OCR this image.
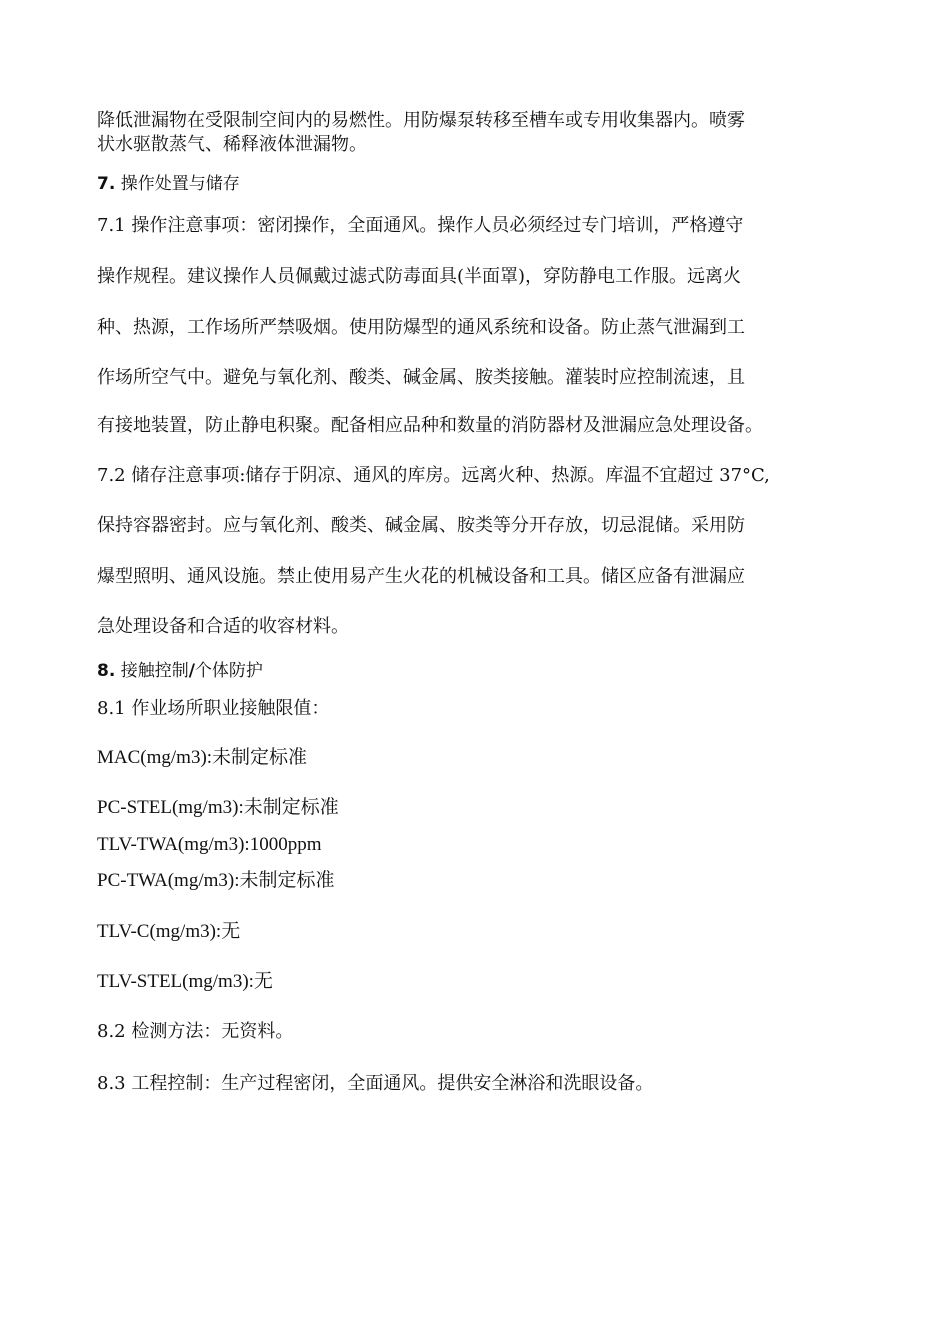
降低泄漏物在受限制空间内的易燃性。用防爆泵转移至槽车或专用收集器内。喷雾
状水驱散蒸气、稀释液体泄漏物。
7. 操作处置与储存
7.1 操作注意事项：密闭操作，全面通风。操作人员必须经过专门培训，严格遵守
操作规程。建议操作人员佩戴过滤式防毒面具(半面罩)，穿防静电工作服。远离火
种、热源，工作场所严禁吸烟。使用防爆型的通风系统和设备。防止蒸气泄漏到工
作场所空气中。避免与氧化剂、酸类、碱金属、胺类接触。灌装时应控制流速，且
有接地装置，防止静电积聚。配备相应品种和数量的消防器材及泄漏应急处理设备。
7.2 储存注意事项:储存于阴凉、通风的库房。远离火种、热源。库温不宜超过 37°C,
保持容器密封。应与氧化剂、酸类、碱金属、胺类等分开存放，切忌混储。采用防
爆型照明、通风设施。禁止使用易产生火花的机械设备和工具。储区应备有泄漏应
急处理设备和合适的收容材料。
8. 接触控制/个体防护
8.1 作业场所职业接触限值：
MAC(mg/m3):未制定标准
PC-STEL(mg/m3):未制定标准
TLV-TWA(mg/m3):1000ppm
PC-TWA(mg/m3):未制定标准
TLV-C(mg/m3):无
TLV-STEL(mg/m3):无
8.2 检测方法：无资料。
8.3 工程控制：生产过程密闭，全面通风。提供安全淋浴和洗眼设备。
